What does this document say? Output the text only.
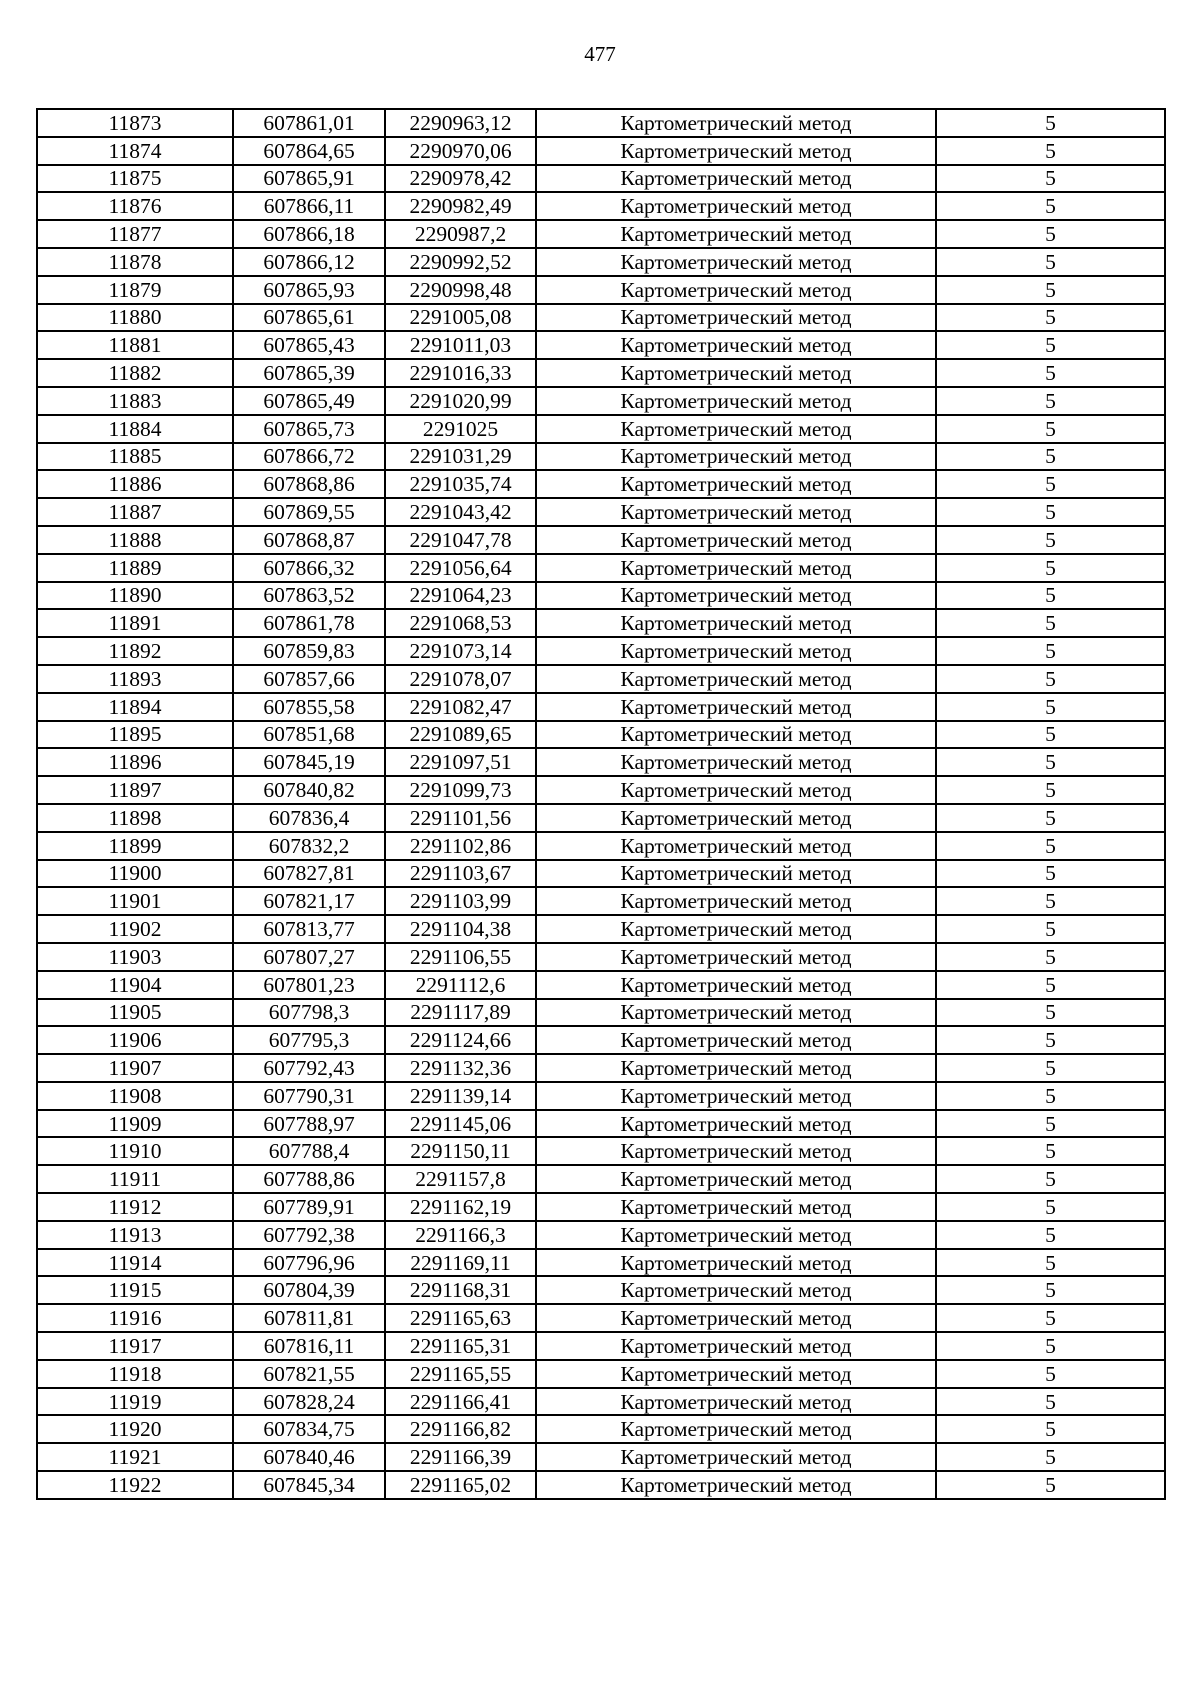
477
11873	607861,01	2290963,12	Картометрический метод	5
11874	607864,65	2290970,06	Картометрический метод	5
11875	607865,91	2290978,42	Картометрический метод	5
11876	607866,11	2290982,49	Картометрический метод	5
11877	607866,18	2290987,2	Картометрический метод	5
11878	607866,12	2290992,52	Картометрический метод	5
11879	607865,93	2290998,48	Картометрический метод	5
11880	607865,61	2291005,08	Картометрический метод	5
11881	607865,43	2291011,03	Картометрический метод	5
11882	607865,39	2291016,33	Картометрический метод	5
11883	607865,49	2291020,99	Картометрический метод	5
11884	607865,73	2291025	Картометрический метод	5
11885	607866,72	2291031,29	Картометрический метод	5
11886	607868,86	2291035,74	Картометрический метод	5
11887	607869,55	2291043,42	Картометрический метод	5
11888	607868,87	2291047,78	Картометрический метод	5
11889	607866,32	2291056,64	Картометрический метод	5
11890	607863,52	2291064,23	Картометрический метод	5
11891	607861,78	2291068,53	Картометрический метод	5
11892	607859,83	2291073,14	Картометрический метод	5
11893	607857,66	2291078,07	Картометрический метод	5
11894	607855,58	2291082,47	Картометрический метод	5
11895	607851,68	2291089,65	Картометрический метод	5
11896	607845,19	2291097,51	Картометрический метод	5
11897	607840,82	2291099,73	Картометрический метод	5
11898	607836,4	2291101,56	Картометрический метод	5
11899	607832,2	2291102,86	Картометрический метод	5
11900	607827,81	2291103,67	Картометрический метод	5
11901	607821,17	2291103,99	Картометрический метод	5
11902	607813,77	2291104,38	Картометрический метод	5
11903	607807,27	2291106,55	Картометрический метод	5
11904	607801,23	2291112,6	Картометрический метод	5
11905	607798,3	2291117,89	Картометрический метод	5
11906	607795,3	2291124,66	Картометрический метод	5
11907	607792,43	2291132,36	Картометрический метод	5
11908	607790,31	2291139,14	Картометрический метод	5
11909	607788,97	2291145,06	Картометрический метод	5
11910	607788,4	2291150,11	Картометрический метод	5
11911	607788,86	2291157,8	Картометрический метод	5
11912	607789,91	2291162,19	Картометрический метод	5
11913	607792,38	2291166,3	Картометрический метод	5
11914	607796,96	2291169,11	Картометрический метод	5
11915	607804,39	2291168,31	Картометрический метод	5
11916	607811,81	2291165,63	Картометрический метод	5
11917	607816,11	2291165,31	Картометрический метод	5
11918	607821,55	2291165,55	Картометрический метод	5
11919	607828,24	2291166,41	Картометрический метод	5
11920	607834,75	2291166,82	Картометрический метод	5
11921	607840,46	2291166,39	Картометрический метод	5
11922	607845,34	2291165,02	Картометрический метод	5
